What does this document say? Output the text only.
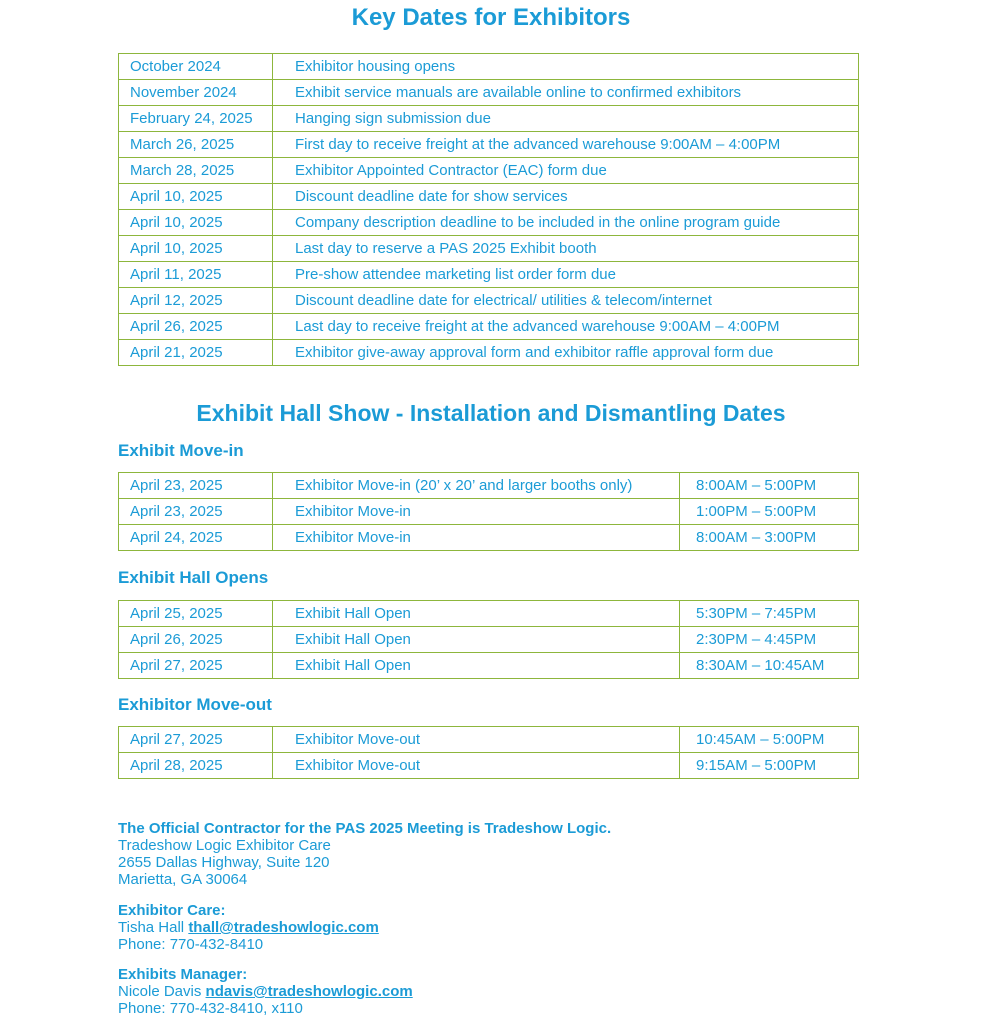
Key Dates for Exhibitors
October 2024	Exhibitor housing opens
November 2024	Exhibit service manuals are available online to confirmed exhibitors
February 24, 2025	Hanging sign submission due
March 26, 2025	First day to receive freight at the advanced warehouse 9:00AM – 4:00PM
March 28, 2025	Exhibitor Appointed Contractor (EAC) form due
April 10, 2025	Discount deadline date for show services
April 10, 2025	Company description deadline to be included in the online program guide
April 10, 2025	Last day to reserve a PAS 2025 Exhibit booth
April 11, 2025	Pre-show attendee marketing list order form due
April 12, 2025	Discount deadline date for electrical/ utilities & telecom/internet
April 26, 2025	Last day to receive freight at the advanced warehouse 9:00AM – 4:00PM
April 21, 2025	Exhibitor give-away approval form and exhibitor raffle approval form due
Exhibit Hall Show - Installation and Dismantling Dates
Exhibit Move-in
April 23, 2025	Exhibitor Move-in (20’ x 20’ and larger booths only)	8:00AM – 5:00PM
April 23, 2025	Exhibitor Move-in	1:00PM – 5:00PM
April 24, 2025	Exhibitor Move-in	8:00AM – 3:00PM
Exhibit Hall Opens
April 25, 2025	Exhibit Hall Open	5:30PM – 7:45PM
April 26, 2025	Exhibit Hall Open	2:30PM – 4:45PM
April 27, 2025	Exhibit Hall Open	8:30AM – 10:45AM
Exhibitor Move-out
April 27, 2025	Exhibitor Move-out	10:45AM – 5:00PM
April 28, 2025	Exhibitor Move-out	9:15AM – 5:00PM
The Official Contractor for the PAS 2025 Meeting is Tradeshow Logic.
Tradeshow Logic Exhibitor Care
2655 Dallas Highway, Suite 120
Marietta, GA 30064
Exhibitor Care:
Tisha Hall thall@tradeshowlogic.com
Phone: 770-432-8410
Exhibits Manager:
Nicole Davis ndavis@tradeshowlogic.com
Phone: 770-432-8410, x110
